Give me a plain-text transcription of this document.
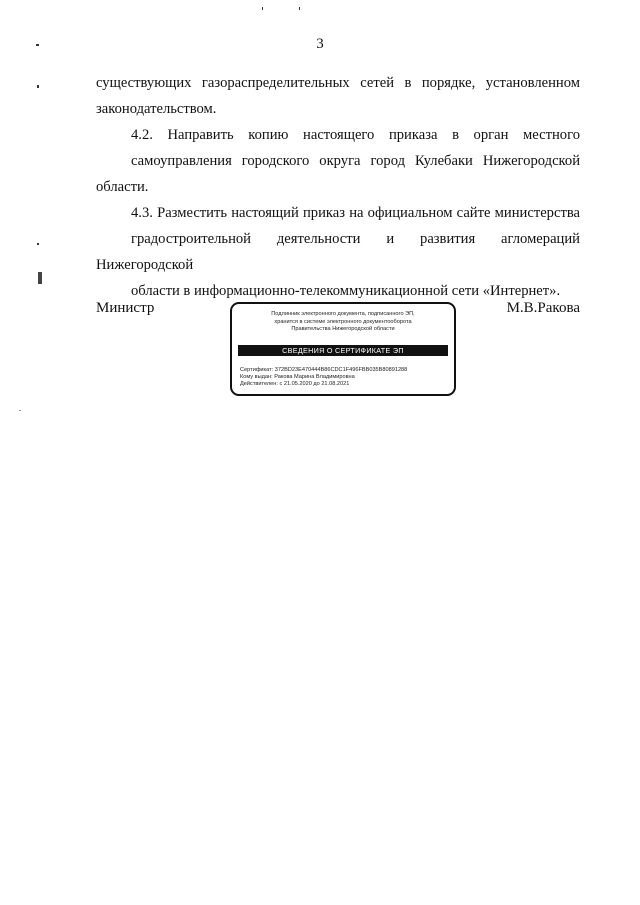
3

существующих газораспределительных сетей в порядке, установленном
законодательством.

4.2. Направить копию настоящего приказа в орган местного
самоуправления городского округа город Кулебаки Нижегородской области.

4.3. Разместить настоящий приказ на официальном сайте министерства
градостроительной деятельности и развития агломераций Нижегородской
области в информационно-телекоммуникационной сети «Интернет».

Министр	М.В.Ракова
Подлинник электронного документа, подписанного ЭП,
хранится в системе электронного документооборота
Правительства Нижегородской области
СВЕДЕНИЯ О СЕРТИФИКАТЕ ЭП
Сертификат: 372BD23E470444B86CDC1F496FBB035B80891288
Кому выдан: Ракова Марина Владимировна
Действителен: с 21.05.2020 до 21.08.2021
